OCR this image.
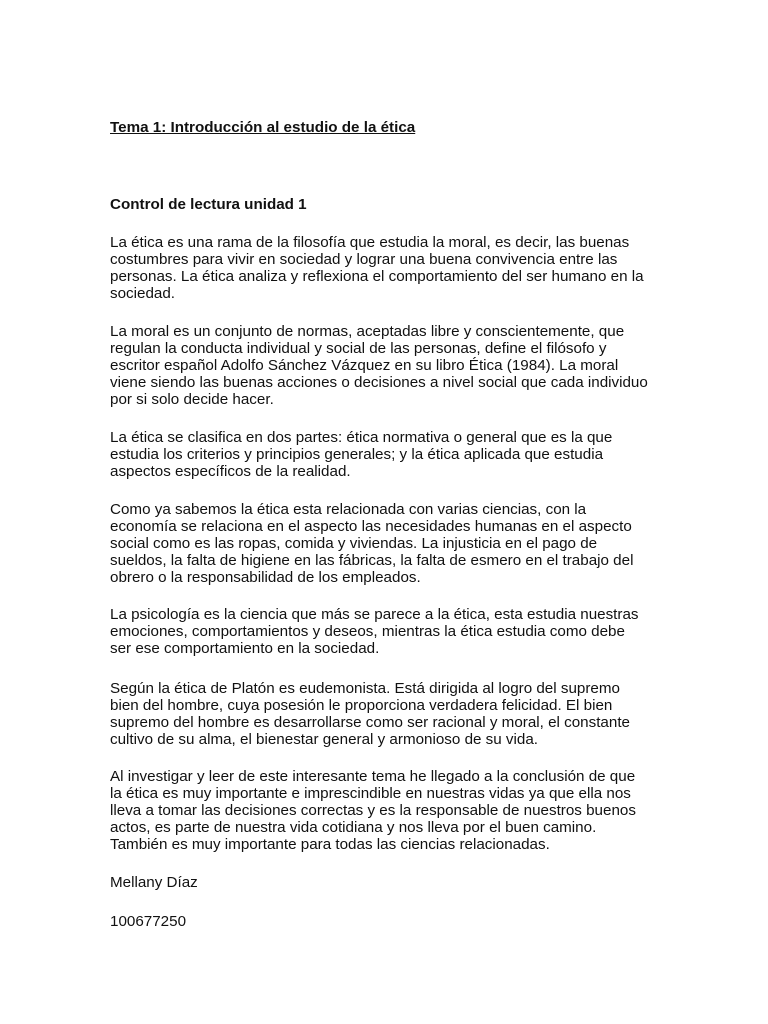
Tema 1: Introducción al estudio de la ética
Control de lectura unidad 1

La ética es una rama de la filosofía que estudia la moral, es decir, las buenas
costumbres para vivir en sociedad y lograr una buena convivencia entre las
personas. La ética analiza y reflexiona el comportamiento del ser humano en la
sociedad.

La moral es un conjunto de normas, aceptadas libre y conscientemente, que
regulan la conducta individual y social de las personas, define el filósofo y
escritor español Adolfo Sánchez Vázquez en su libro Ética (1984). La moral
viene siendo las buenas acciones o decisiones a nivel social que cada individuo
por si solo decide hacer.

La ética se clasifica en dos partes: ética normativa o general que es la que
estudia los criterios y principios generales; y la ética aplicada que estudia
aspectos específicos de la realidad.

Como ya sabemos la ética esta relacionada con varias ciencias, con la
economía se relaciona en el aspecto las necesidades humanas en el aspecto
social como es las ropas, comida y viviendas. La injusticia en el pago de
sueldos, la falta de higiene en las fábricas, la falta de esmero en el trabajo del
obrero o la responsabilidad de los empleados.

La psicología es la ciencia que más se parece a la ética, esta estudia nuestras
emociones, comportamientos y deseos, mientras la ética estudia como debe
ser ese comportamiento en la sociedad.

Según la ética de Platón es eudemonista. Está dirigida al logro del supremo
bien del hombre, cuya posesión le proporciona verdadera felicidad. El bien
supremo del hombre es desarrollarse como ser racional y moral, el constante
cultivo de su alma, el bienestar general y armonioso de su vida.

Al investigar y leer de este interesante tema he llegado a la conclusión de que
la ética es muy importante e imprescindible en nuestras vidas ya que ella nos
lleva a tomar las decisiones correctas y es la responsable de nuestros buenos
actos, es parte de nuestra vida cotidiana y nos lleva por el buen camino.
También es muy importante para todas las ciencias relacionadas.

Mellany Díaz

100677250
